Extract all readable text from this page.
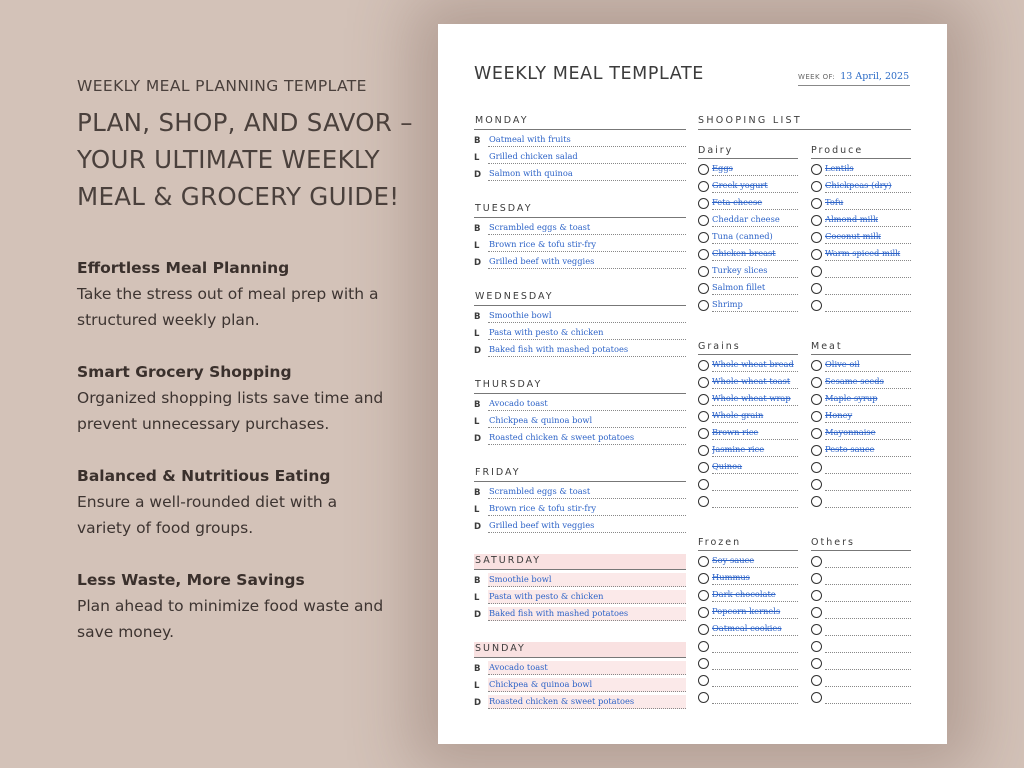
WEEKLY MEAL PLANNING TEMPLATE
PLAN, SHOP, AND SAVOR –
YOUR ULTIMATE WEEKLY
MEAL & GROCERY GUIDE!
Effortless Meal Planning
Take the stress out of meal prep with a
structured weekly plan.
Smart Grocery Shopping
Organized shopping lists save time and
prevent unnecessary purchases.
Balanced & Nutritious Eating
Ensure a well-rounded diet with a
variety of food groups.
Less Waste, More Savings
Plan ahead to minimize food waste and
save money.
WEEKLY MEAL TEMPLATE	WEEK OF: 13 April, 2025
MONDAY
B	Oatmeal with fruits
L	Grilled chicken salad
D Salmon with quinoa
TUESDAY
B	Scrambled eggs & toast
L	Brown rice & tofu stir-fry
D Grilled beef with veggies
WEDNESDAY
B	Smoothie bowl
L	Pasta with pesto & chicken
D Baked fish with mashed potatoes
THURSDAY
B	Avocado toast
L	Chickpea & quinoa bowl
D Roasted chicken & sweet potatoes
FRIDAY
B	Scrambled eggs & toast
L	Brown rice & tofu stir-fry
D Grilled beef with veggies
SATURDAY
B	Smoothie bowl
L	Pasta with pesto & chicken
D Baked fish with mashed potatoes
SUNDAY
B	Avocado toast
L	Chickpea & quinoa bowl
D Roasted chicken & sweet potatoes
SHOOPING LIST
Dairy
Eggs
Greek yogurt
Feta cheese
Cheddar cheese
Tuna (canned)
Chicken breast
Turkey slices
Salmon fillet
Shrimp
Produce
Lentils
Chickpeas (dry)
Tofu
Almond milk
Coconut milk
Warm spiced milk
Grains
Whole wheat bread
Whole wheat toast
Whole wheat wrap
Whole grain
Brown rice
Jasmine rice
Quinoa
Meat
Olive oil
Sesame seeds
Maple syrup
Honey
Mayonnaise
Pesto sauce
Frozen
Soy sauce
Hummus
Dark chocolate
Popcorn kernels
Oatmeal cookies
Others
